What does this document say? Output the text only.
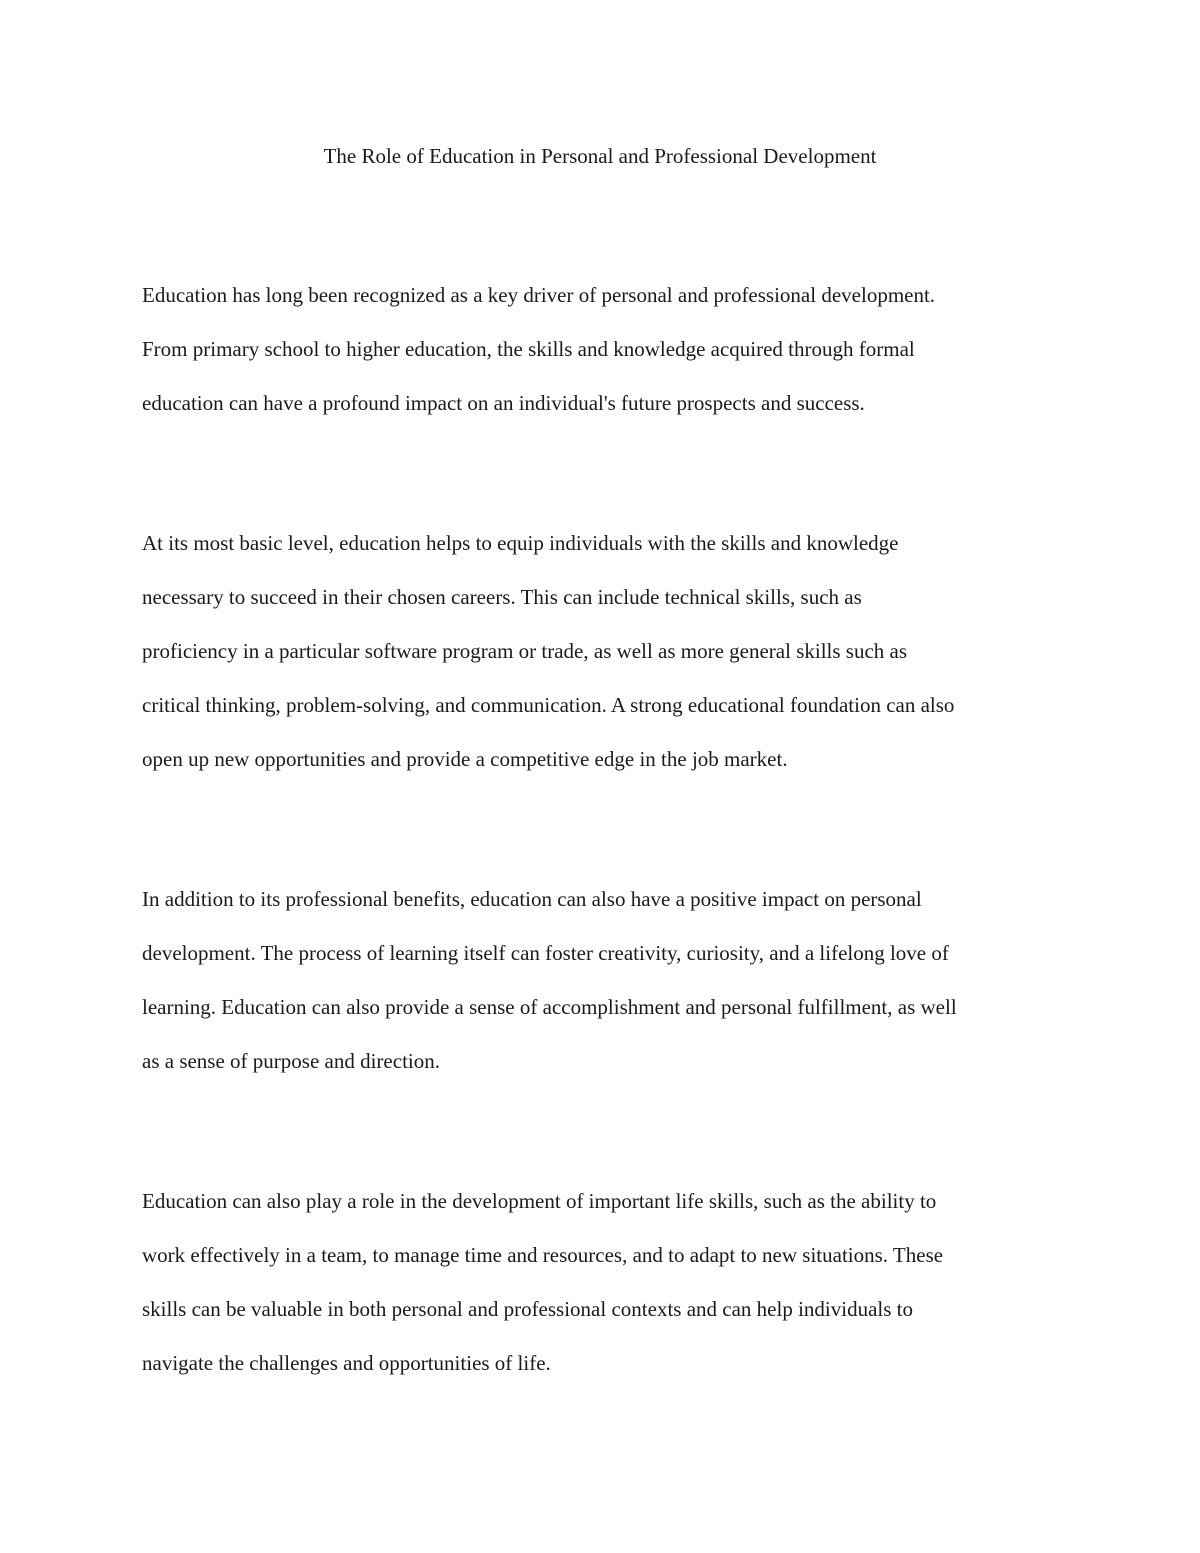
The Role of Education in Personal and Professional Development

Education has long been recognized as a key driver of personal and professional development.
From primary school to higher education, the skills and knowledge acquired through formal
education can have a profound impact on an individual's future prospects and success.

At its most basic level, education helps to equip individuals with the skills and knowledge
necessary to succeed in their chosen careers. This can include technical skills, such as
proficiency in a particular software program or trade, as well as more general skills such as
critical thinking, problem-solving, and communication. A strong educational foundation can also
open up new opportunities and provide a competitive edge in the job market.

In addition to its professional benefits, education can also have a positive impact on personal
development. The process of learning itself can foster creativity, curiosity, and a lifelong love of
learning. Education can also provide a sense of accomplishment and personal fulfillment, as well
as a sense of purpose and direction.

Education can also play a role in the development of important life skills, such as the ability to
work effectively in a team, to manage time and resources, and to adapt to new situations. These
skills can be valuable in both personal and professional contexts and can help individuals to
navigate the challenges and opportunities of life.
